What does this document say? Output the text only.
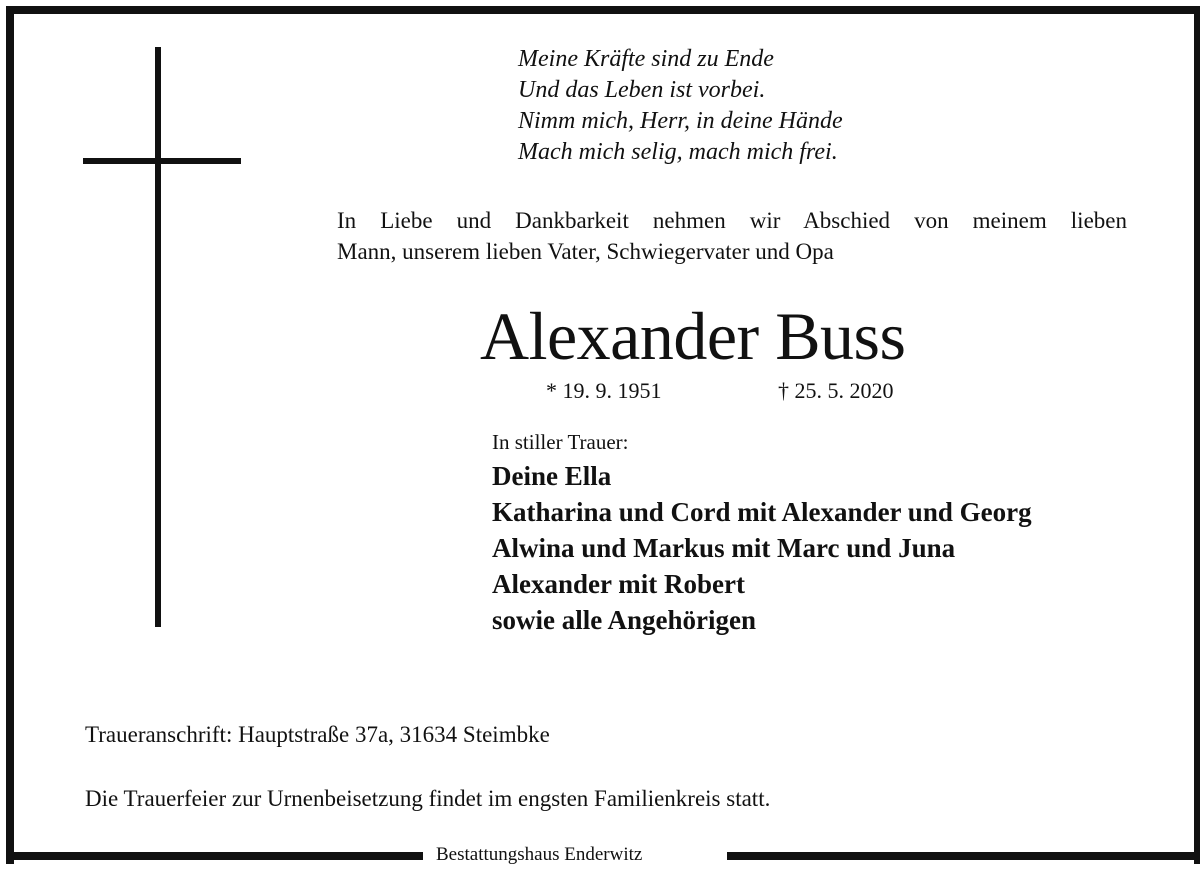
Meine Kräfte sind zu Ende
Und das Leben ist vorbei.
Nimm mich, Herr, in deine Hände
Mach mich selig, mach mich frei.
In Liebe und Dankbarkeit nehmen wir Abschied von meinem lieben
Mann, unserem lieben Vater, Schwiegervater und Opa
Alexander Buss
* 19. 9. 1951	† 25. 5. 2020
In stiller Trauer:
Deine Ella
Katharina und Cord mit Alexander und Georg
Alwina und Markus mit Marc und Juna
Alexander mit Robert
sowie alle Angehörigen
Traueranschrift: Hauptstraße 37a, 31634 Steimbke
Die Trauerfeier zur Urnenbeisetzung findet im engsten Familienkreis statt.
Bestattungshaus Enderwitz
